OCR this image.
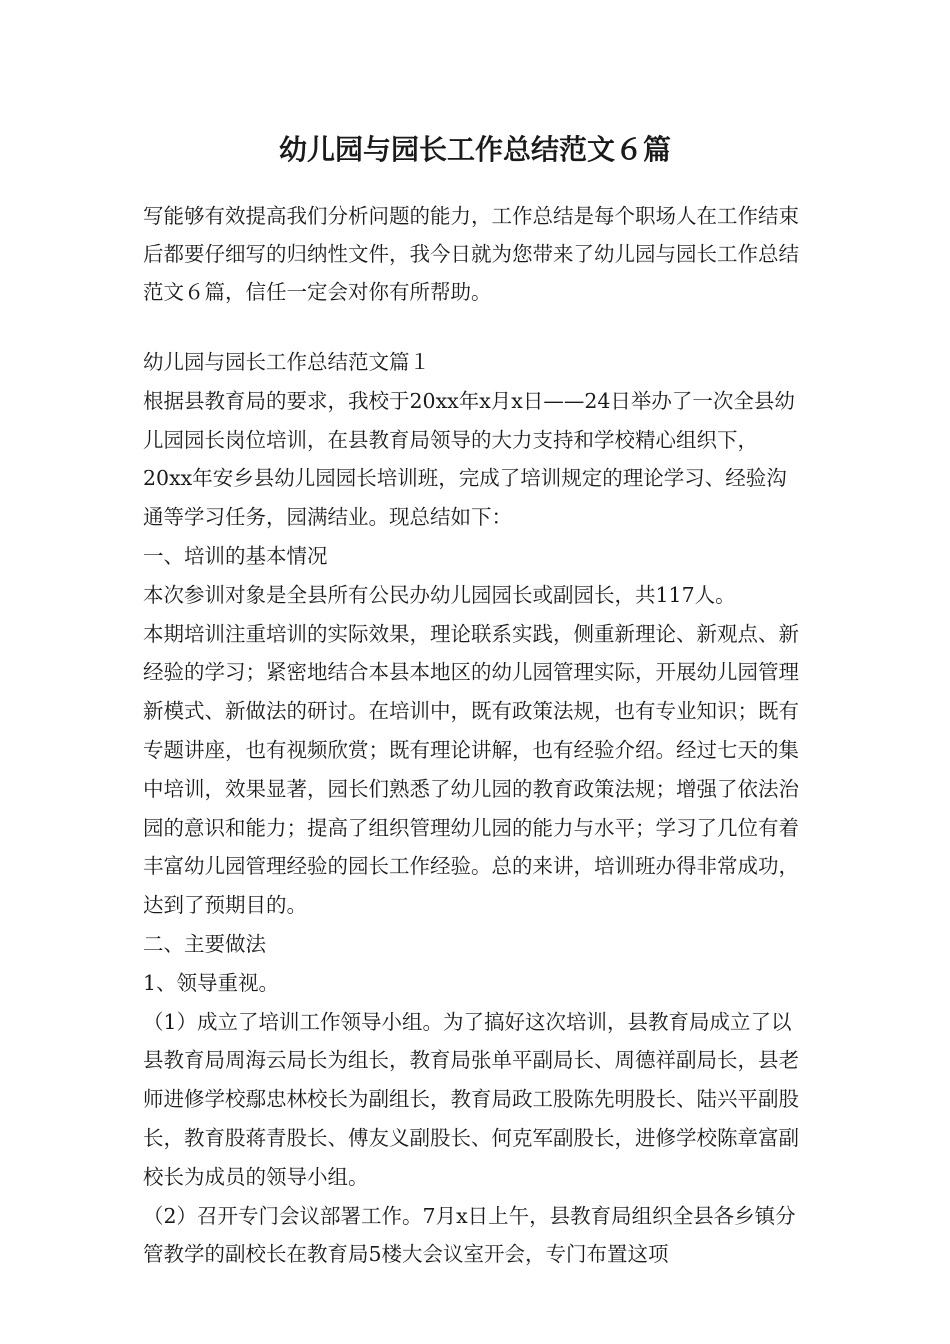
幼儿园与园长工作总结范文６篇

写能够有效提高我们分析问题的能力，工作总结是每个职场人在工作结束后都要仔细写的归纳性文件，我今日就为您带来了幼儿园与园长工作总结范文６篇，信任一定会对你有所帮助。

幼儿园与园长工作总结范文篇１

根据县教育局的要求，我校于20xx年x月x日——24日举办了一次全县幼儿园园长岗位培训，在县教育局领导的大力支持和学校精心组织下，20xx年安乡县幼儿园园长培训班，完成了培训规定的理论学习、经验沟通等学习任务，园满结业。现总结如下：

一、培训的基本情况

本次参训对象是全县所有公民办幼儿园园长或副园长，共117人。

本期培训注重培训的实际效果，理论联系实践，侧重新理论、新观点、新经验的学习；紧密地结合本县本地区的幼儿园管理实际，开展幼儿园管理新模式、新做法的研讨。在培训中，既有政策法规，也有专业知识；既有专题讲座，也有视频欣赏；既有理论讲解，也有经验介绍。经过七天的集中培训，效果显著，园长们熟悉了幼儿园的教育政策法规；增强了依法治园的意识和能力；提高了组织管理幼儿园的能力与水平；学习了几位有着丰富幼儿园管理经验的园长工作经验。总的来讲，培训班办得非常成功，达到了预期目的。

二、主要做法

1、领导重视。

（1）成立了培训工作领导小组。为了搞好这次培训，县教育局成立了以县教育局周海云局长为组长，教育局张单平副局长、周德祥副局长，县老师进修学校鄢忠林校长为副组长，教育局政工股陈先明股长、陆兴平副股长，教育股蒋青股长、傅友义副股长、何克军副股长，进修学校陈章富副校长为成员的领导小组。

（2）召开专门会议部署工作。7月x日上午，县教育局组织全县各乡镇分管教学的副校长在教育局5楼大会议室开会，专门布置这项
